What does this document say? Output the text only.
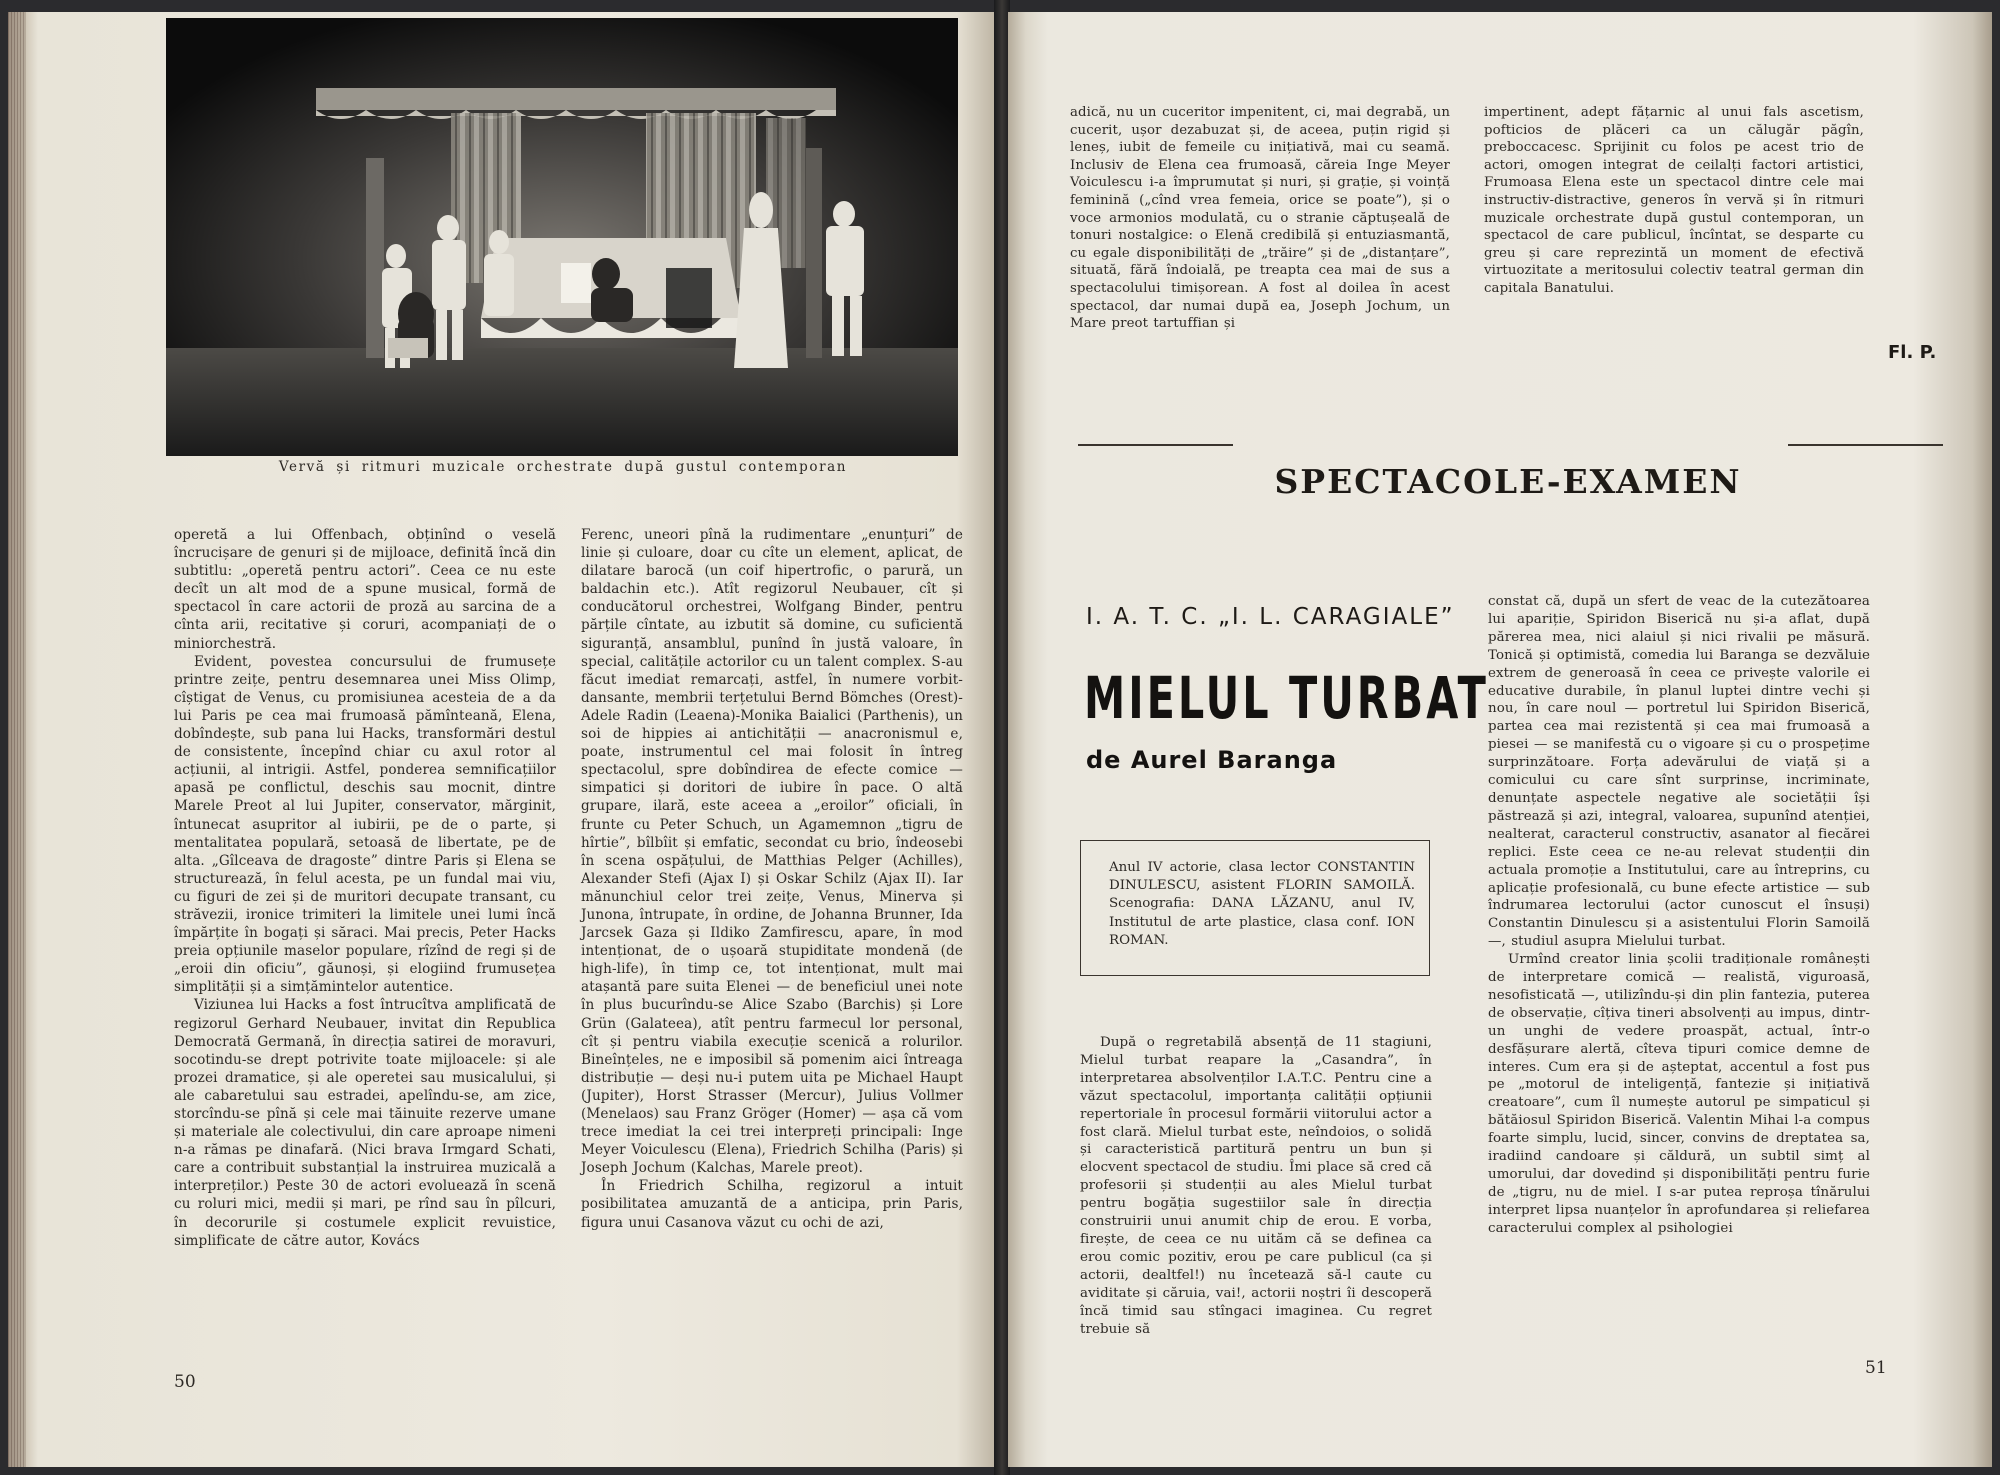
Vervă și ritmuri muzicale orchestrate după gustul contemporan

operetă a lui Offenbach, obținînd o veselă încrucișare de genuri și de mijloace, definită încă din subtitlu: „operetă pentru actori”. Ceea ce nu este decît un alt mod de a spune musical, formă de spectacol în care actorii de proză au sarcina de a cînta arii, recitative și coruri, acompaniați de o miniorchestră.

Evident, povestea concursului de frumusețe printre zeițe, pentru desemnarea unei Miss Olimp, cîștigat de Venus, cu promisiunea acesteia de a da lui Paris pe cea mai frumoasă pămînteană, Elena, dobîndește, sub pana lui Hacks, transformări destul de consistente, începînd chiar cu axul rotor al acțiunii, al intrigii. Astfel, ponderea semnificațiilor apasă pe conflictul, deschis sau mocnit, dintre Marele Preot al lui Jupiter, conservator, mărginit, întunecat asupritor al iubirii, pe de o parte, și mentalitatea populară, setoasă de libertate, pe de alta. „Gîlceava de dragoste” dintre Paris și Elena se structurează, în felul acesta, pe un fundal mai viu, cu figuri de zei și de muritori decupate transant, cu străvezii, ironice trimiteri la limitele unei lumi încă împărțite în bogați și săraci. Mai precis, Peter Hacks preia opțiunile maselor populare, rîzînd de regi și de „eroii din oficiu”, găunoși, și elogiind frumusețea simplității și a simțămintelor autentice.

Viziunea lui Hacks a fost întrucîtva amplificată de regizorul Gerhard Neubauer, invitat din Republica Democrată Germană, în direcția satirei de moravuri, socotindu-se drept potrivite toate mijloacele: și ale prozei dramatice, și ale operetei sau musicalului, și ale cabaretului sau estradei, apelîndu-se, am zice, storcîndu-se pînă și cele mai tăinuite rezerve umane și materiale ale colectivului, din care aproape nimeni n-a rămas pe dinafară. (Nici brava Irmgard Schati, care a contribuit substanțial la instruirea muzicală a interpreților.) Peste 30 de actori evoluează în scenă cu roluri mici, medii și mari, pe rînd sau în pîlcuri, în decorurile și costumele explicit revuistice, simplificate de către autor, Kovács

Ferenc, uneori pînă la rudimentare „enunțuri” de linie și culoare, doar cu cîte un element, aplicat, de dilatare barocă (un coif hipertrofic, o parură, un baldachin etc.). Atît regizorul Neubauer, cît și conducătorul orchestrei, Wolfgang Binder, pentru părțile cîntate, au izbutit să domine, cu suficientă siguranță, ansamblul, punînd în justă valoare, în special, calitățile actorilor cu un talent complex. S-au făcut imediat remarcați, astfel, în numere vorbit-dansante, membrii terțetului Bernd Bömches (Orest)-Adele Radin (Leaena)-Monika Baialici (Parthenis), un soi de hippies ai antichității — anacronismul e, poate, instrumentul cel mai folosit în întreg spectacolul, spre dobîndirea de efecte comice — simpatici și doritori de iubire în pace. O altă grupare, ilară, este aceea a „eroilor” oficiali, în frunte cu Peter Schuch, un Agamemnon „tigru de hîrtie”, bîlbîit și emfatic, secondat cu brio, îndeosebi în scena ospățului, de Matthias Pelger (Achilles), Alexander Stefi (Ajax I) și Oskar Schilz (Ajax II). Iar mănunchiul celor trei zeițe, Venus, Minerva și Junona, întrupate, în ordine, de Johanna Brunner, Ida Jarcsek Gaza și Ildiko Zamfirescu, apare, în mod intenționat, de o ușoară stupiditate mondenă (de high-life), în timp ce, tot intenționat, mult mai atașantă pare suita Elenei — de beneficiul unei note în plus bucurîndu-se Alice Szabo (Barchis) și Lore Grün (Galateea), atît pentru farmecul lor personal, cît și pentru viabila execuție scenică a rolurilor. Bineînțeles, ne e imposibil să pomenim aici întreaga distribuție — deși nu-i putem uita pe Michael Haupt (Jupiter), Horst Strasser (Mercur), Julius Vollmer (Menelaos) sau Franz Gröger (Homer) — așa că vom trece imediat la cei trei interpreți principali: Inge Meyer Voiculescu (Elena), Friedrich Schilha (Paris) și Joseph Jochum (Kalchas, Marele preot).

În Friedrich Schilha, regizorul a intuit posibilitatea amuzantă de a anticipa, prin Paris, figura unui Casanova văzut cu ochi de azi,

50

adică, nu un cuceritor impenitent, ci, mai degrabă, un cucerit, ușor dezabuzat și, de aceea, puțin rigid și leneș, iubit de femeile cu inițiativă, mai cu seamă. Inclusiv de Elena cea frumoasă, căreia Inge Meyer Voiculescu i-a împrumutat și nuri, și grație, și voință feminină („cînd vrea femeia, orice se poate”), și o voce armonios modulată, cu o stranie căptușeală de tonuri nostalgice: o Elenă credibilă și entuziasmantă, cu egale disponibilități de „trăire” și de „distanțare”, situată, fără îndoială, pe treapta cea mai de sus a spectacolului timișorean. A fost al doilea în acest spectacol, dar numai după ea, Joseph Jochum, un Mare preot tartuffian și

impertinent, adept fățarnic al unui fals ascetism, pofticios de plăceri ca un călugăr păgîn, preboccacesc. Sprijinit cu folos pe acest trio de actori, omogen integrat de ceilalți factori artistici, Frumoasa Elena este un spectacol dintre cele mai instructiv-distractive, generos în vervă și în ritmuri muzicale orchestrate după gustul contemporan, un spectacol de care publicul, încîntat, se desparte cu greu și care reprezintă un moment de efectivă virtuozitate a meritosului colectiv teatral german din capitala Banatului.

Fl. P.
SPECTACOLE-EXAMEN
I. A. T. C. „I. L. CARAGIALE”
MIELUL TURBAT
de Aurel Baranga
Anul IV actorie, clasa lector CONSTANTIN DINULESCU, asistent FLORIN SAMOILĂ. Scenografia: DANA LĂZANU, anul IV, Institutul de arte plastice, clasa conf. ION ROMAN.

După o regretabilă absență de 11 stagiuni, Mielul turbat reapare la „Casandra”, în interpretarea absolvenților I.A.T.C. Pentru cine a văzut spectacolul, importanța calității opțiunii repertoriale în procesul formării viitorului actor a fost clară. Mielul turbat este, neîndoios, o solidă și caracteristică partitură pentru un bun și elocvent spectacol de studiu. Îmi place să cred că profesorii și studenții au ales Mielul turbat pentru bogăția sugestiilor sale în direcția construirii unui anumit chip de erou. E vorba, firește, de ceea ce nu uităm că se definea ca erou comic pozitiv, erou pe care publicul (ca și actorii, dealtfel!) nu încetează să-l caute cu aviditate și căruia, vai!, actorii noștri îi descoperă încă timid sau stîngaci imaginea. Cu regret trebuie să

constat că, după un sfert de veac de la cutezătoarea lui apariție, Spiridon Biserică nu și-a aflat, după părerea mea, nici alaiul și nici rivalii pe măsură. Tonică și optimistă, comedia lui Baranga se dezvăluie extrem de generoasă în ceea ce privește valorile ei educative durabile, în planul luptei dintre vechi și nou, în care noul — portretul lui Spiridon Biserică, partea cea mai rezistentă și cea mai frumoasă a piesei — se manifestă cu o vigoare și cu o prospețime surprinzătoare. Forța adevărului de viață și a comicului cu care sînt surprinse, incriminate, denunțate aspectele negative ale societății își păstrează și azi, integral, valoarea, supunînd atenției, nealterat, caracterul constructiv, asanator al fiecărei replici. Este ceea ce ne-au relevat studenții din actuala promoție a Institutului, care au întreprins, cu aplicație profesională, cu bune efecte artistice — sub îndrumarea lectorului (actor cunoscut el însuși) Constantin Dinulescu și a asistentului Florin Samoilă —, studiul asupra Mielului turbat.

Urmînd creator linia școlii tradiționale românești de interpretare comică — realistă, viguroasă, nesofisticată —, utilizîndu-și din plin fantezia, puterea de observație, cîțiva tineri absolvenți au impus, dintr-un unghi de vedere proaspăt, actual, într-o desfășurare alertă, cîteva tipuri comice demne de interes. Cum era și de așteptat, accentul a fost pus pe „motorul de inteligență, fantezie și inițiativă creatoare”, cum îl numește autorul pe simpaticul și bătăiosul Spiridon Biserică. Valentin Mihai l-a compus foarte simplu, lucid, sincer, convins de dreptatea sa, iradiind candoare și căldură, un subtil simț al umorului, dar dovedind și disponibilități pentru furie de „tigru, nu de miel. I s-ar putea reproșa tînărului interpret lipsa nuanțelor în aprofundarea și reliefarea caracterului complex al psihologiei

51
